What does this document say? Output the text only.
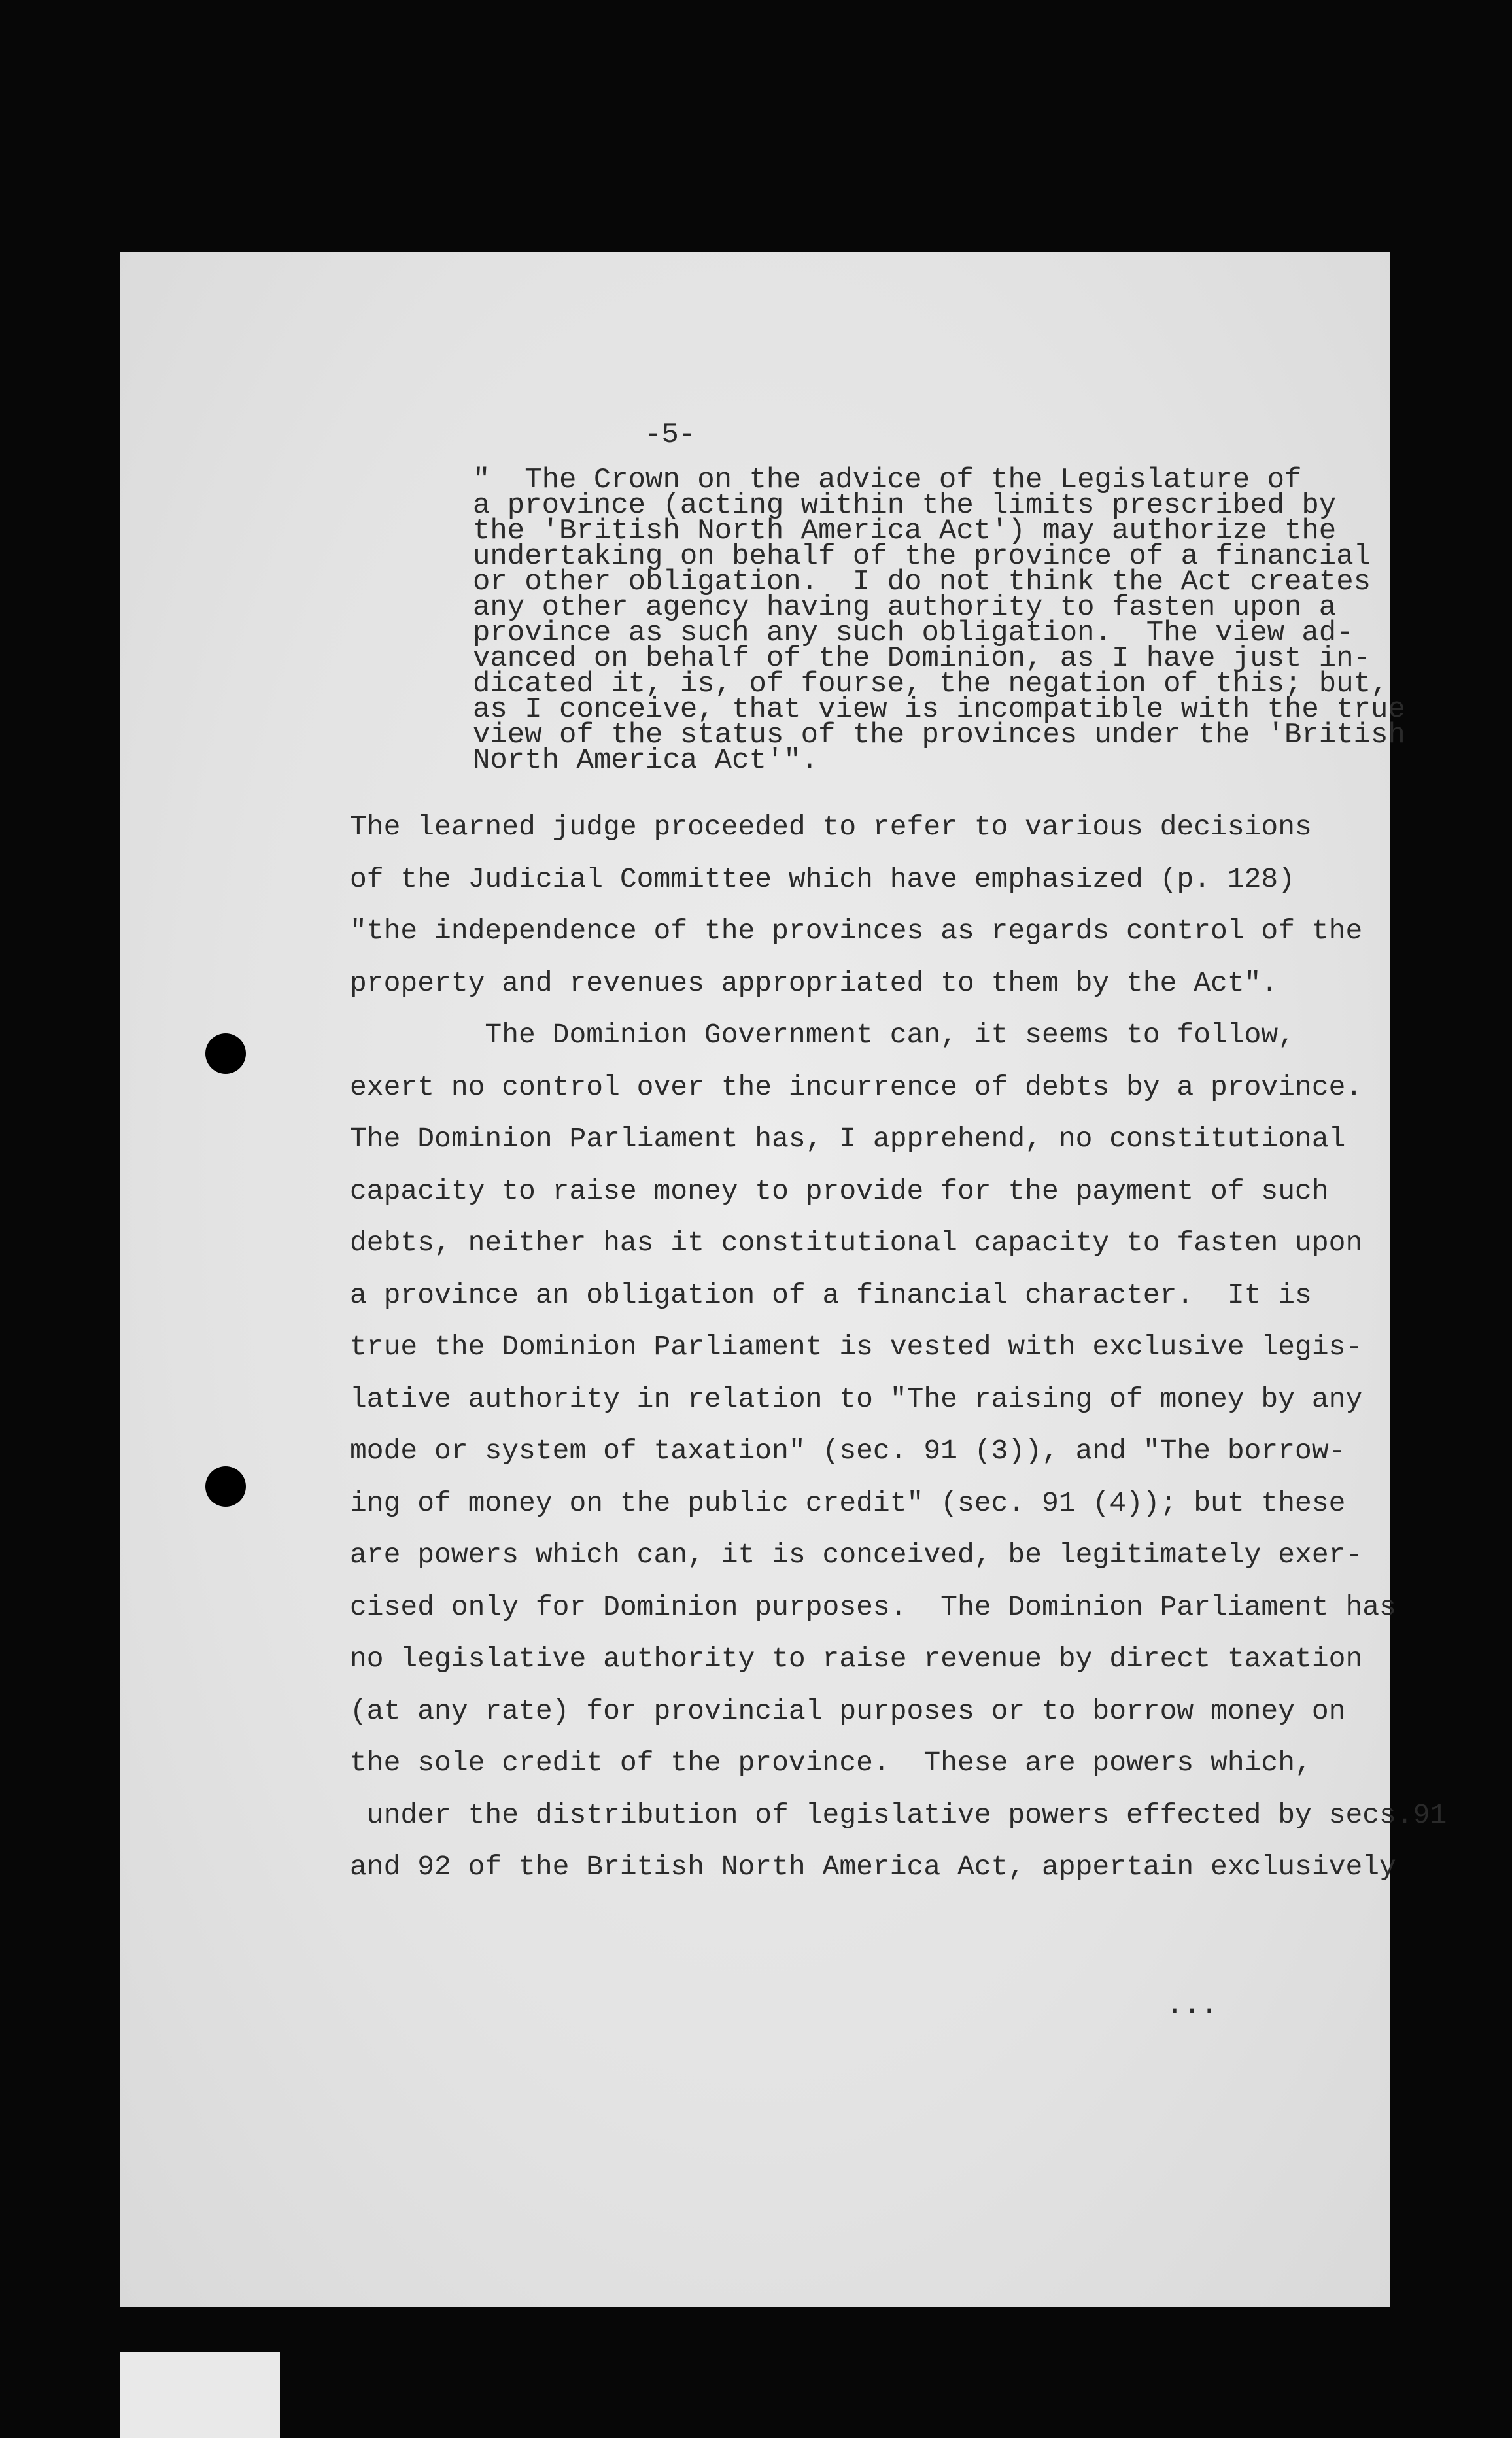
-5-
"  The Crown on the advice of the Legislature of
a province (acting within the limits prescribed by
the 'British North America Act') may authorize the
undertaking on behalf of the province of a financial
or other obligation.  I do not think the Act creates
any other agency having authority to fasten upon a
province as such any such obligation.  The view ad-
vanced on behalf of the Dominion, as I have just in-
dicated it, is, of fourse, the negation of this; but,
as I conceive, that view is incompatible with the true
view of the status of the provinces under the 'British
North America Act'".
The learned judge proceeded to refer to various decisions
of the Judicial Committee which have emphasized (p. 128)
"the independence of the provinces as regards control of the
property and revenues appropriated to them by the Act".
The Dominion Government can, it seems to follow,
exert no control over the incurrence of debts by a province.
The Dominion Parliament has, I apprehend, no constitutional
capacity to raise money to provide for the payment of such
debts, neither has it constitutional capacity to fasten upon
a province an obligation of a financial character.  It is
true the Dominion Parliament is vested with exclusive legis-
lative authority in relation to "The raising of money by any
mode or system of taxation" (sec. 91 (3)), and "The borrow-
ing of money on the public credit" (sec. 91 (4)); but these
are powers which can, it is conceived, be legitimately exer-
cised only for Dominion purposes.  The Dominion Parliament has
no legislative authority to raise revenue by direct taxation
(at any rate) for provincial purposes or to borrow money on
the sole credit of the province.  These are powers which,
under the distribution of legislative powers effected by secs.91
and 92 of the British North America Act, appertain exclusively
...
